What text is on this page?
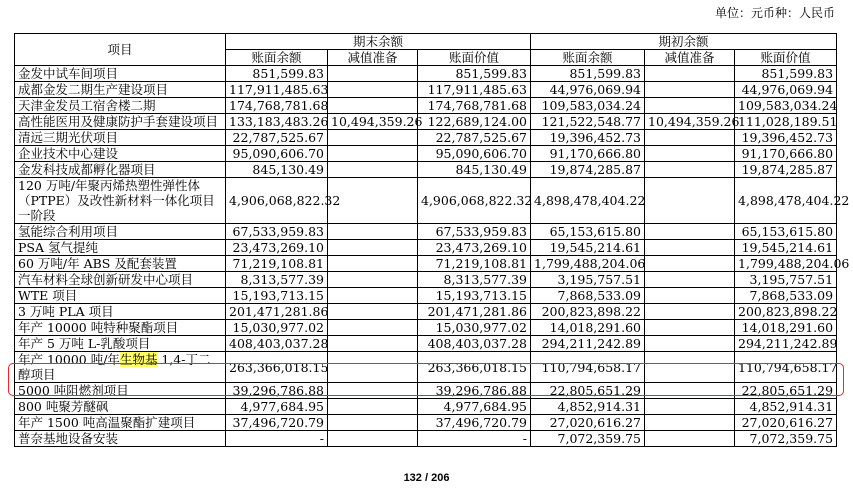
单位：元币种：人民币
项目	期末余额			期初余额		
	账面余额	减值准备	账面价值	账面余额	减值准备	账面价值
金发中试车间项目	851,599.83		851,599.83	851,599.83		851,599.83
成都金发二期生产建设项目	117,911,485.63		117,911,485.63	44,976,069.94		44,976,069.94
天津金发员工宿舍楼二期	174,768,781.68		174,768,781.68	109,583,034.24		109,583,034.24
高性能医用及健康防护手套建设项目	133,183,483.26	10,494,359.26	122,689,124.00	121,522,548.77	10,494,359.26	111,028,189.51
清远三期光伏项目	22,787,525.67		22,787,525.67	19,396,452.73		19,396,452.73
企业技术中心建设	95,090,606.70		95,090,606.70	91,170,666.80		91,170,666.80
金发科技成都孵化器项目	845,130.49		845,130.49	19,874,285.87		19,874,285.87
120 万吨/年聚丙烯热塑性弹性体（PTPE）及改性新材料一体化项目一阶段	4,906,068,822.32		4,906,068,822.32	4,898,478,404.22		4,898,478,404.22
氢能综合利用项目	67,533,959.83		67,533,959.83	65,153,615.80		65,153,615.80
PSA 氢气提纯	23,473,269.10		23,473,269.10	19,545,214.61		19,545,214.61
60 万吨/年 ABS 及配套装置	71,219,108.81		71,219,108.81	1,799,488,204.06		1,799,488,204.06
汽车材料全球创新研发中心项目	8,313,577.39		8,313,577.39	3,195,757.51		3,195,757.51
WTE 项目	15,193,713.15		15,193,713.15	7,868,533.09		7,868,533.09
3 万吨 PLA 项目	201,471,281.86		201,471,281.86	200,823,898.22		200,823,898.22
年产 10000 吨特种聚酯项目	15,030,977.02		15,030,977.02	14,018,291.60		14,018,291.60
年产 5 万吨 L-乳酸项目	408,403,037.28		408,403,037.28	294,211,242.89		294,211,242.89
年产 10000 吨/年生物基 1,4-丁二醇项目	263,366,018.15		263,366,018.15	110,794,658.17		110,794,658.17
5000 吨阻燃剂项目	39,296,786.88		39,296,786.88	22,805,651.29		22,805,651.29
800 吨聚芳醚砜	4,977,684.95		4,977,684.95	4,852,914.31		4,852,914.31
年产 1500 吨高温聚酯扩建项目	37,496,720.79		37,496,720.79	27,020,616.27		27,020,616.27
普奈基地设备安装	-		-	7,072,359.75		7,072,359.75
132 / 206
